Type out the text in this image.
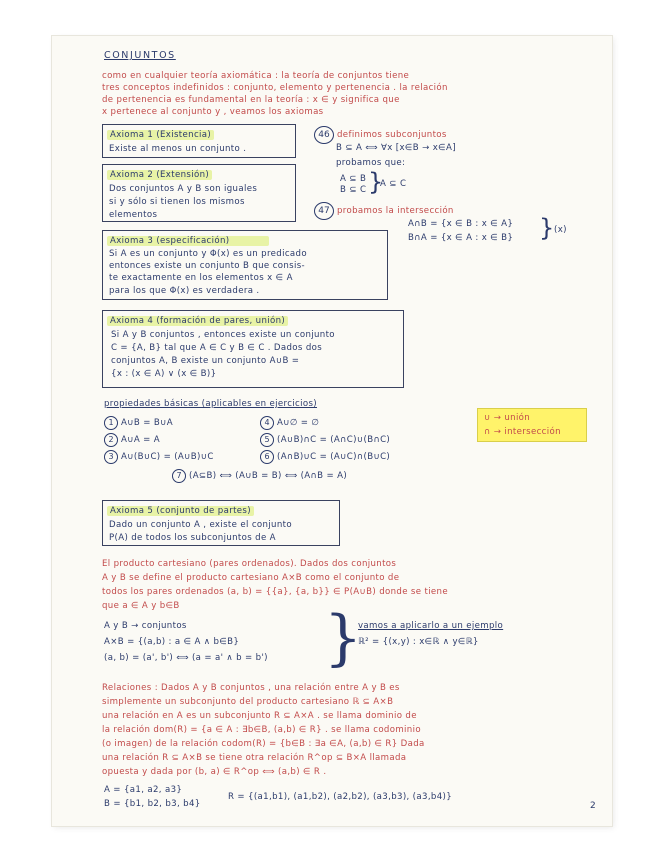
CONJUNTOS
como en cualquier teoría axiomática : la teoría de conjuntos tiene
tres conceptos indefinidos : conjunto, elemento y pertenencia . la relación
de pertenencia es fundamental en la teoría : x ∈ y significa que
x pertenece al conjunto y , veamos los axiomas
Axioma 1 (Existencia)
Existe al menos un conjunto .
Axioma 2 (Extensión)
Dos conjuntos A y B son iguales
si y sólo si tienen los mismos
elementos
Axioma 3 (especificación)
Si A es un conjunto y Φ(x) es un predicado
entonces existe un conjunto B que consis-
te exactamente en los elementos x ∈ A
para los que Φ(x) es verdadera .
46 definimos subconjuntos
B ⊆ A ⟺ ∀x [x∈B → x∈A]
probamos que:
A ⊆ B
B ⊆ C }
A ⊆ C
47 probamos la intersección
A∩B = {x ∈ B : x ∈ A}
B∩A = {x ∈ A : x ∈ B} } (x)
Axioma 4 (formación de pares, unión)
Si A y B conjuntos , entonces existe un conjunto
C = {A, B} tal que A ∈ C y B ∈ C . Dados dos
conjuntos A, B existe un conjunto A∪B =
{x : (x ∈ A) ∨ (x ∈ B)}
propiedades básicas (aplicables en ejercicios)
1 A∪B = B∪A
2 A∪A = A
3 A∪(B∪C) = (A∪B)∪C
4 A∪∅ = ∅
5 (A∪B)∩C = (A∩C)∪(B∩C)
6 (A∩B)∪C = (A∪C)∩(B∪C)
7 (A⊆B) ⟺ (A∪B = B) ⟺ (A∩B = A)
∪ → unión
∩ → intersección
Axioma 5 (conjunto de partes)
Dado un conjunto A , existe el conjunto
P(A) de todos los subconjuntos de A
El producto cartesiano (pares ordenados). Dados dos conjuntos
A y B se define el producto cartesiano A×B como el conjunto de
todos los pares ordenados (a, b) = {{a}, {a, b}} ∈ P(A∪B) donde se tiene
que a ∈ A y b∈B
A y B → conjuntos
A×B = {(a,b) : a ∈ A ∧ b∈B}
(a, b) = (a', b') ⟺ (a = a' ∧ b = b') }
vamos a aplicarlo a un ejemplo
ℝ² = {(x,y) : x∈ℝ ∧ y∈ℝ}
Relaciones : Dados A y B conjuntos , una relación entre A y B es
simplemente un subconjunto del producto cartesiano ℝ ⊆ A×B
una relación en A es un subconjunto R ⊆ A×A . se llama dominio de
la relación dom(R) = {a ∈ A : ∃b∈B, (a,b) ∈ R} . se llama codominio
(o imagen) de la relación codom(R) = {b∈B : ∃a ∈A, (a,b) ∈ R} Dada
una relación R ⊆ A×B se tiene otra relación R^op ⊆ B×A llamada
opuesta y dada por (b, a) ∈ R^op ⟺ (a,b) ∈ R .
A = {a1, a2, a3}
B = {b1, b2, b3, b4}
R = {(a1,b1), (a1,b2), (a2,b2), (a3,b3), (a3,b4)}
2
